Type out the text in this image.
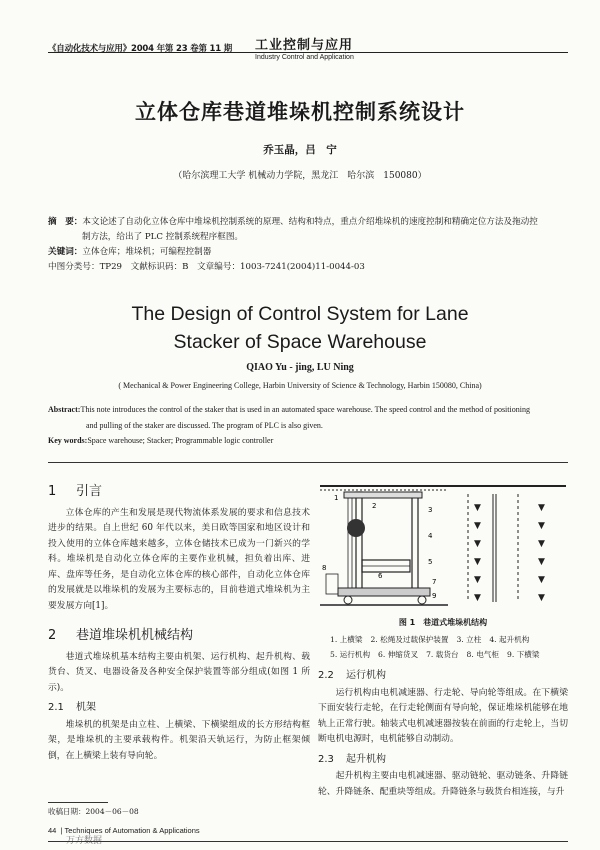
《自动化技术与应用》2004 年第 23 卷第 11 期 工业控制与应用
Industry Control and Application
立体仓库巷道堆垛机控制系统设计
乔玉晶，吕　宁
（哈尔滨理工大学 机械动力学院，黑龙江　哈尔滨　150080）
摘　要：本文论述了自动化立体仓库中堆垛机控制系统的原理、结构和特点，重点介绍堆垛机的速度控制和精确定位方法及拖动控
制方法，给出了 PLC 控制系统程序框图。
关键词：立体仓库；堆垛机；可编程控制器
中图分类号：TP29　文献标识码：B　文章编号：1003-7241(2004)11-0044-03
The Design of Control System for Lane
Stacker of Space Warehouse
QIAO Yu - jing, LU Ning
( Mechanical & Power Engineering College, Harbin University of Science & Technology, Harbin 150080, China)
Abstract:This note introduces the control of the staker that is used in an automated space warehouse. The speed control and the method of positioning
and pulling of the staker are discussed. The program of PLC is also given.
Key words:Space warehouse; Stacker; Programmable logic controller
1 引言

立体仓库的产生和发展是现代物流体系发展的要求和信息技术进步的结果。自上世纪 60 年代以来，美日欧等国家和地区设计和投入使用的立体仓库越来越多，立体仓储技术已成为一门新兴的学科。堆垛机是自动化立体仓库的主要作业机械，担负着出库、进库、盘库等任务，是自动化立体仓库的核心部件，自动化立体仓库的发展就是以堆垛机的发展为主要标志的，目前巷道式堆垛机为主要发展方向[1]。

2 巷道堆垛机机械结构

巷道式堆垛机基本结构主要由机架、运行机构、起升机构、载货台、货叉、电器设备及各种安全保护装置等部分组成(如图 1 所示)。

2.1 机架

堆垛机的机架是由立柱、上横梁、下横梁组成的长方形结构框架，是堆垛机的主要承载构件。机架沿天轨运行，为防止框架倾倒，在上横梁上装有导向轮。

1
2	3
4
5
6
7
8
9
▼	▼
▼	▼
▼	▼
▼	▼
▼	▼
▼	▼
图 1　巷道式堆垛机结构
1. 上横梁 2. 松绳及过载保护装置 3. 立柱 4. 起升机构
5. 运行机构 6. 伸缩货叉 7. 载货台 8. 电气柜 9. 下横梁
2.2 运行机构

运行机构由电机减速器、行走轮、导向轮等组成。在下横梁下面安装行走轮，在行走轮侧面有导向轮，保证堆垛机能够在地轨上正常行驶。轴装式电机减速器按装在前面的行走轮上，当切断电机电源时，电机能够自动制动。

2.3 起升机构

起升机构主要由电机减速器、驱动链轮、驱动链条、升降链轮、升降链条、配重块等组成。升降链条与载货台相连接，与升

收稿日期：2004－06－08
44  | Techniques of Automation & Applications
万方数据
